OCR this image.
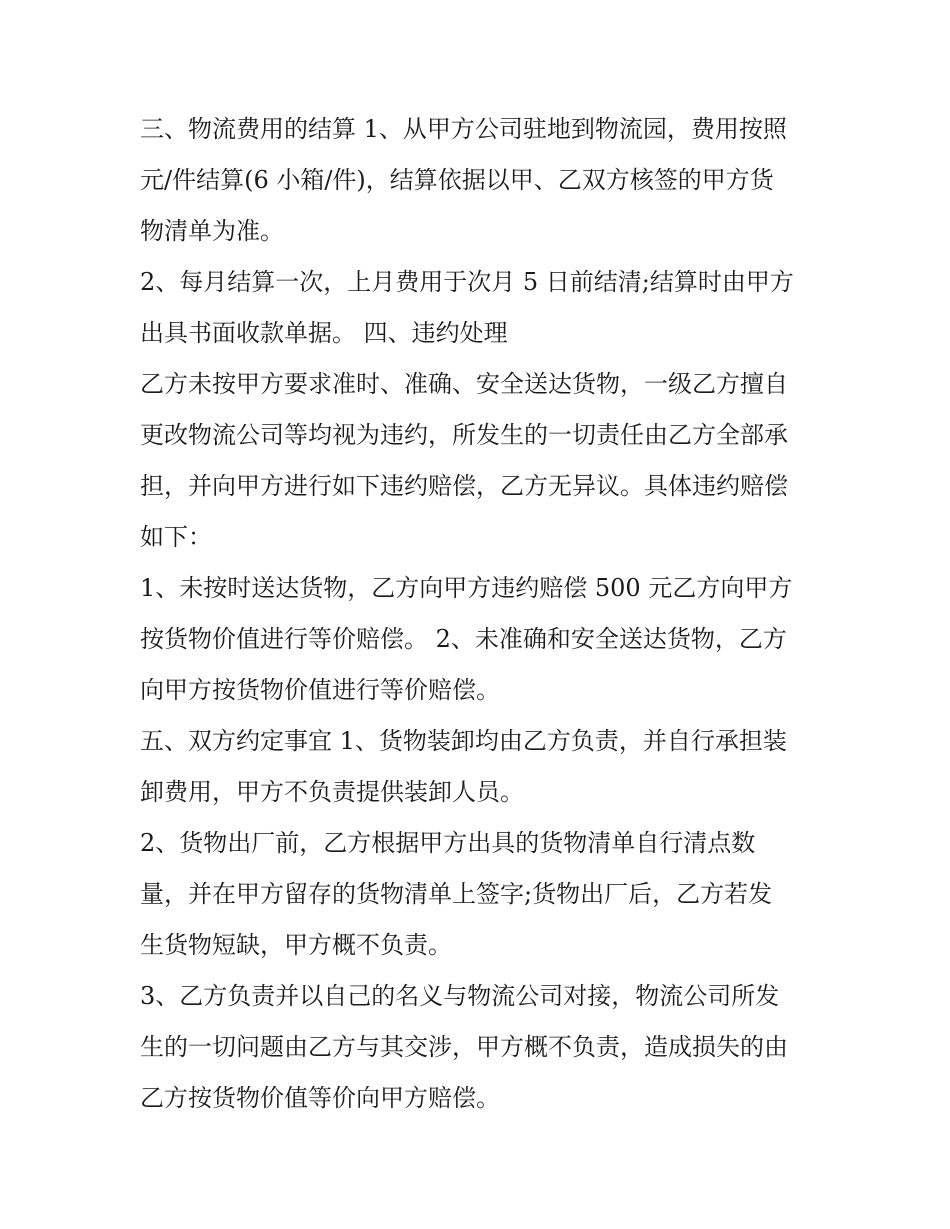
三、物流费用的结算 1、从甲方公司驻地到物流园，费用按照
元/件结算(6 小箱/件)，结算依据以甲、乙双方核签的甲方货
物清单为准。
2、每月结算一次，上月费用于次月 5 日前结清;结算时由甲方
出具书面收款单据。 四、违约处理
乙方未按甲方要求准时、准确、安全送达货物，一级乙方擅自
更改物流公司等均视为违约，所发生的一切责任由乙方全部承
担，并向甲方进行如下违约赔偿，乙方无异议。具体违约赔偿
如下：
1、未按时送达货物，乙方向甲方违约赔偿 500 元乙方向甲方
按货物价值进行等价赔偿。 2、未准确和安全送达货物，乙方
向甲方按货物价值进行等价赔偿。
五、双方约定事宜 1、货物装卸均由乙方负责，并自行承担装
卸费用，甲方不负责提供装卸人员。
2、货物出厂前，乙方根据甲方出具的货物清单自行清点数
量，并在甲方留存的货物清单上签字;货物出厂后，乙方若发
生货物短缺，甲方概不负责。
3、乙方负责并以自己的名义与物流公司对接，物流公司所发
生的一切问题由乙方与其交涉，甲方概不负责，造成损失的由
乙方按货物价值等价向甲方赔偿。
